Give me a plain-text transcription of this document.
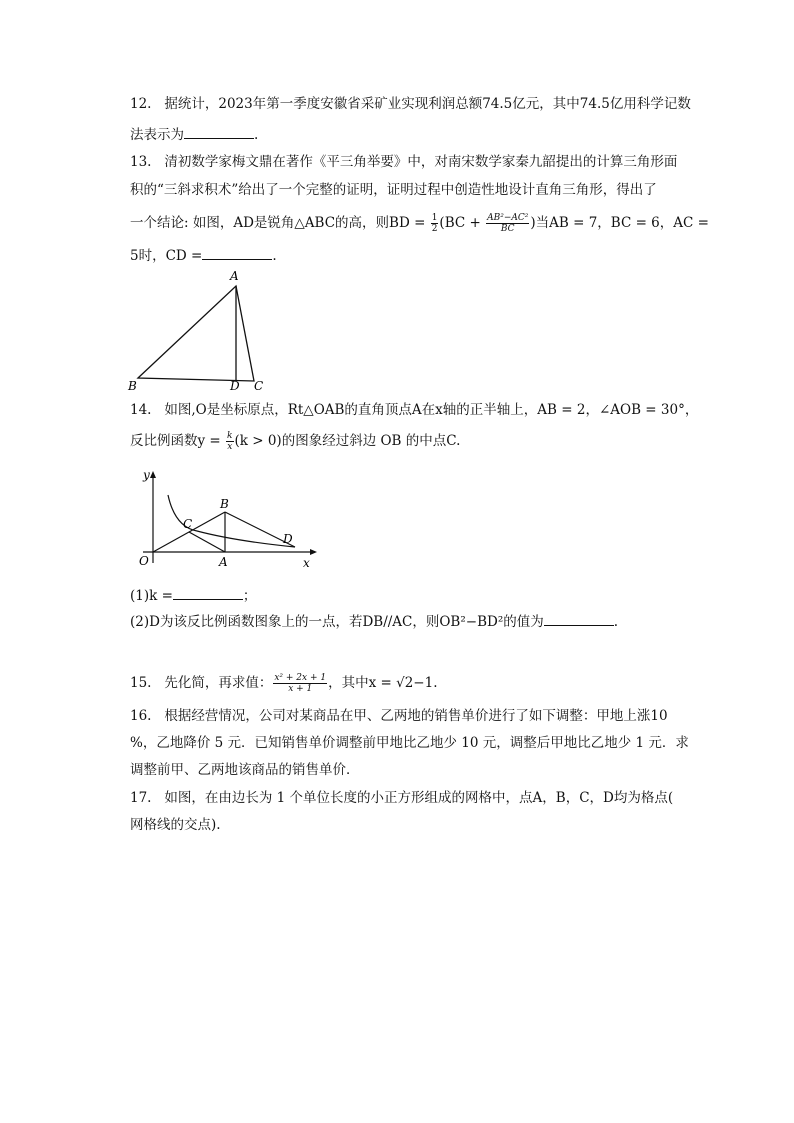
12. 据统计，2023年第一季度安徽省采矿业实现利润总额74.5亿元，其中74.5亿用科学记数
法表示为	.
13. 清初数学家梅文鼎在著作《平三角举要》中，对南宋数学家秦九韶提出的计算三角形面
积的“三斜求积术”给出了一个完整的证明，证明过程中创造性地设计直角三角形，得出了
一个结论: 如图，AD是锐角△ABC的高，则BD = $\frac{1}{2} (BC + \frac{\text{AB²−AC²}}{BC}$ )当AB = 7，BC = 6，AC =
5时，CD =	.
A
B	D C
14. 如图,O是坐标原点，Rt△OAB的直角顶点A在x轴的正半轴上，AB = 2，∠AOB = 30°，
反比例函数$y = \frac{k}{x} (k > 0)$的图象经过斜边 OB 的中点C.
y
x
O	A
B
C
D
(1)k =	；
(2)D为该反比例函数图象上的一点，若DB//AC，则OB²−BD²的值为	.
15. 先化简，再求值： $\frac{\text{x² + 2x + 1}}{x + 1}$ ，其中x = √2−1.
16. 根据经营情况，公司对某商品在甲、乙两地的销售单价进行了如下调整：甲地上涨10
%，乙地降价 5 元．已知销售单价调整前甲地比乙地少 10 元，调整后甲地比乙地少 1 元．求
调整前甲、乙两地该商品的销售单价．
17. 如图，在由边长为 1 个单位长度的小正方形组成的网格中，点A，B，C，D均为格点(
网格线的交点).
